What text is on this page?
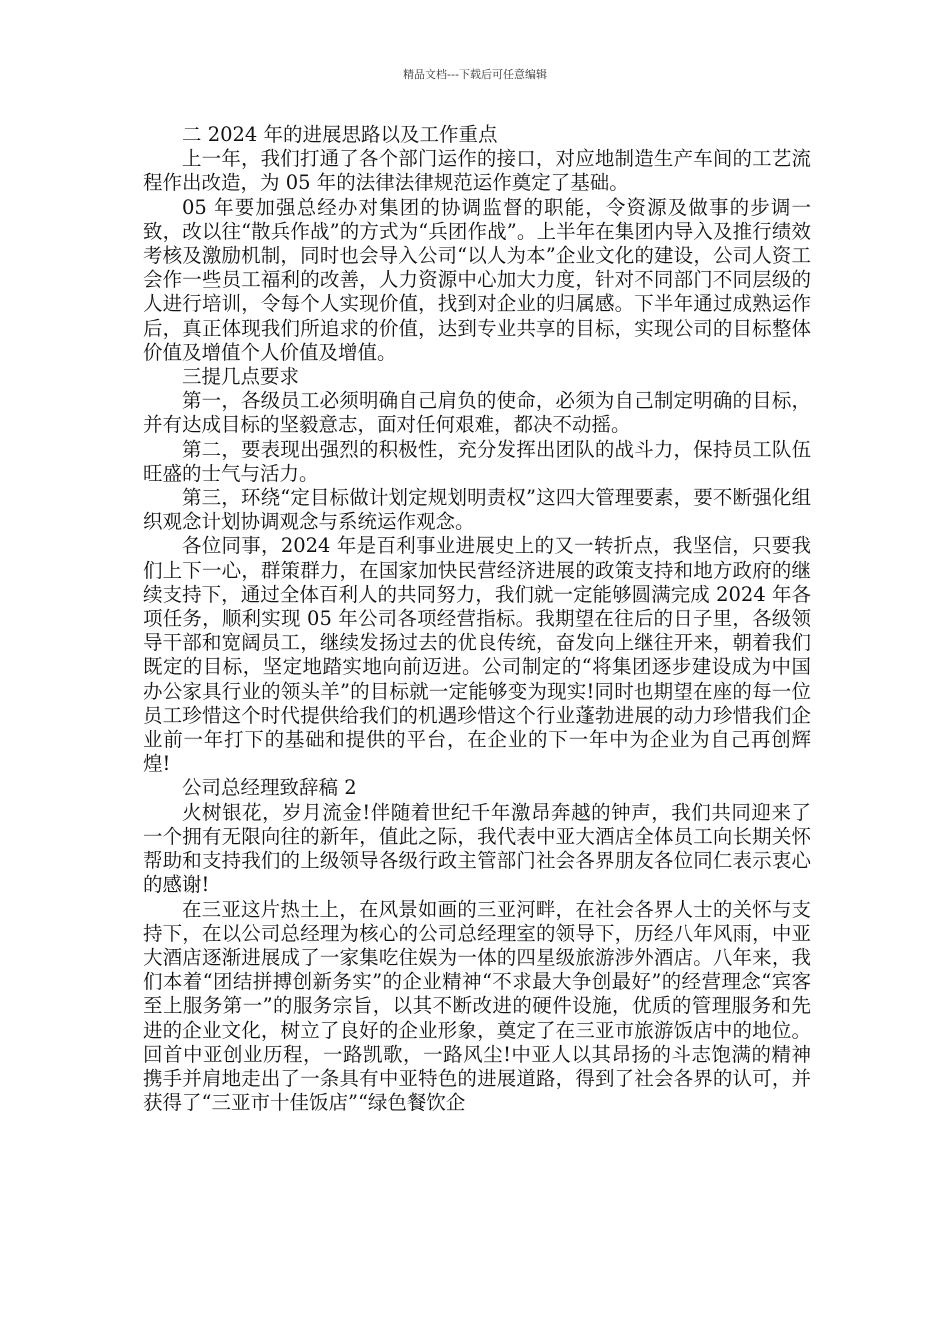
精品文档---下载后可任意编辑

二 2024 年的进展思路以及工作重点

上一年，我们打通了各个部门运作的接口，对应地制造生产车间的工艺流程作出改造，为 05 年的法律法律规范运作奠定了基础。

05 年要加强总经办对集团的协调监督的职能，令资源及做事的步调一致，改以往“散兵作战”的方式为“兵团作战”。上半年在集团内导入及推行绩效考核及激励机制，同时也会导入公司“以人为本”企业文化的建设，公司人资工会作一些员工福利的改善，人力资源中心加大力度，针对不同部门不同层级的人进行培训，令每个人实现价值，找到对企业的归属感。下半年通过成熟运作后，真正体现我们所追求的价值，达到专业共享的目标，实现公司的目标整体价值及增值个人价值及增值。

三提几点要求

第一，各级员工必须明确自己肩负的使命，必须为自己制定明确的目标，并有达成目标的坚毅意志，面对任何艰难，都决不动摇。

第二，要表现出强烈的积极性，充分发挥出团队的战斗力，保持员工队伍旺盛的士气与活力。

第三，环绕“定目标做计划定规划明责权”这四大管理要素，要不断强化组织观念计划协调观念与系统运作观念。

各位同事，2024 年是百利事业进展史上的又一转折点，我坚信，只要我们上下一心，群策群力，在国家加快民营经济进展的政策支持和地方政府的继续支持下，通过全体百利人的共同努力，我们就一定能够圆满完成 2024 年各项任务，顺利实现 05 年公司各项经营指标。我期望在往后的日子里，各级领导干部和宽阔员工，继续发扬过去的优良传统，奋发向上继往开来，朝着我们既定的目标，坚定地踏实地向前迈进。公司制定的“将集团逐步建设成为中国办公家具行业的领头羊”的目标就一定能够变为现实!同时也期望在座的每一位员工珍惜这个时代提供给我们的机遇珍惜这个行业蓬勃进展的动力珍惜我们企业前一年打下的基础和提供的平台，在企业的下一年中为企业为自己再创辉煌!

公司总经理致辞稿 2

火树银花，岁月流金!伴随着世纪千年激昂奔越的钟声，我们共同迎来了一个拥有无限向往的新年，值此之际，我代表中亚大酒店全体员工向长期关怀帮助和支持我们的上级领导各级行政主管部门社会各界朋友各位同仁表示衷心的感谢!

在三亚这片热土上，在风景如画的三亚河畔，在社会各界人士的关怀与支持下，在以公司总经理为核心的公司总经理室的领导下，历经八年风雨，中亚大酒店逐渐进展成了一家集吃住娱为一体的四星级旅游涉外酒店。八年来，我们本着“团结拼搏创新务实”的企业精神“不求最大争创最好”的经营理念“宾客至上服务第一”的服务宗旨，以其不断改进的硬件设施，优质的管理服务和先进的企业文化，树立了良好的企业形象，奠定了在三亚市旅游饭店中的地位。回首中亚创业历程，一路凯歌，一路风尘!中亚人以其昂扬的斗志饱满的精神携手并肩地走出了一条具有中亚特色的进展道路，得到了社会各界的认可，并获得了“三亚市十佳饭店”“绿色餐饮企
